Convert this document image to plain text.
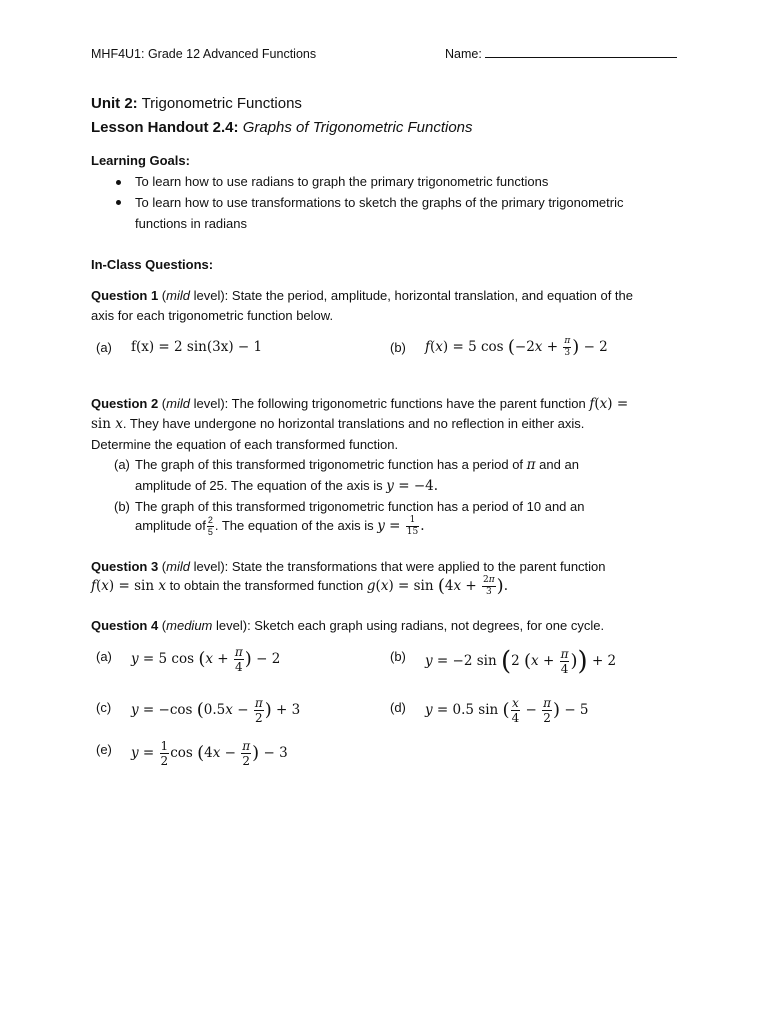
MHF4U1: Grade 12 Advanced Functions	Name:
Unit 2: Trigonometric Functions
Lesson Handout 2.4: Graphs of Trigonometric Functions
Learning Goals:
To learn how to use radians to graph the primary trigonometric functions
To learn how to use transformations to sketch the graphs of the primary trigonometric
functions in radians
In-Class Questions:
Question 1 (mild level): State the period, amplitude, horizontal translation, and equation of the
axis for each trigonometric function below.
(a) f(x) = 2 sin(3x) − 1	(b) f(x) = 5 $\cos (-2x + \frac{\pi}{3}$ ) − 2
Question 2 (mild level): The following trigonometric functions have the parent function f(x) =
sin x. They have undergone no horizontal translations and no reflection in either axis.
Determine the equation of each transformed function.
(a) The graph of this transformed trigonometric function has a period of π and an
amplitude of 25. The equation of the axis is y = −4.
(b) The graph of this transformed trigonometric function has a period of 10 and an
amplitude of $\frac{2}{5}$ . The equation of the axis is $y = \frac{1}{15}$ .
Question 3 (mild level): State the transformations that were applied to the parent function
f(x) = sin x to obtain the transformed function $g(x) = \sin (4x + \frac{2\pi}{3}$ ).
Question 4 (medium level): Sketch each graph using radians, not degrees, for one cycle.
(a) y = 5 $\cos (x + \frac{\pi}{4}$ ) − 2	(b) y = −2 sin (2 ($x + \frac{\pi}{4}$ )) + 2
(c) y = −cos ($0.5x - \frac{\pi}{2}$ ) + 3	(d) y = 0.5 sin ( $\frac{x}{4} - \frac{\pi}{2}$ ) − 5
(e) $y = \frac{1}{2}$ $\cos (4x - \frac{\pi}{2}$ ) − 3
